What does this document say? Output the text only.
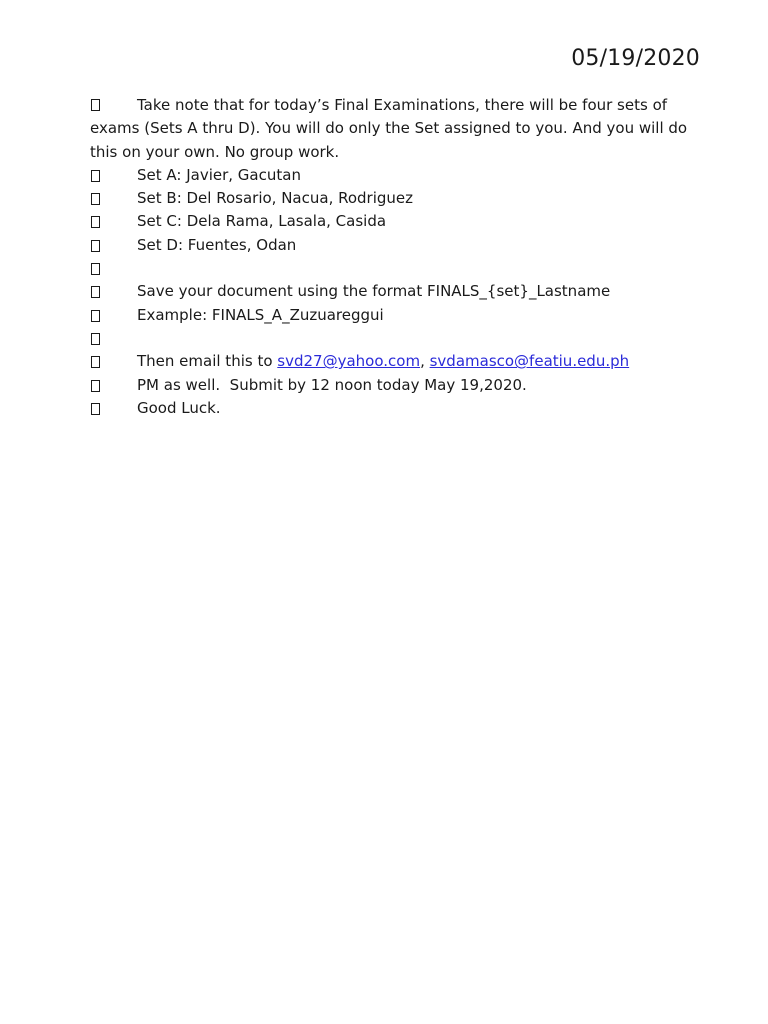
05/19/2020
Take note that for today’s Final Examinations, there will be four sets of exams (Sets A thru D). You will do only the Set assigned to you. And you will do this on your own. No group work.
Set A: Javier, Gacutan
Set B: Del Rosario, Nacua, Rodriguez
Set C: Dela Rama, Lasala, Casida
Set D: Fuentes, Odan

Save your document using the format FINALS_{set}_Lastname
Example: FINALS_A_Zuzuareggui

Then email this to svd27@yahoo.com, svdamasco@featiu.edu.ph
PM as well.  Submit by 12 noon today May 19,2020.
Good Luck.
